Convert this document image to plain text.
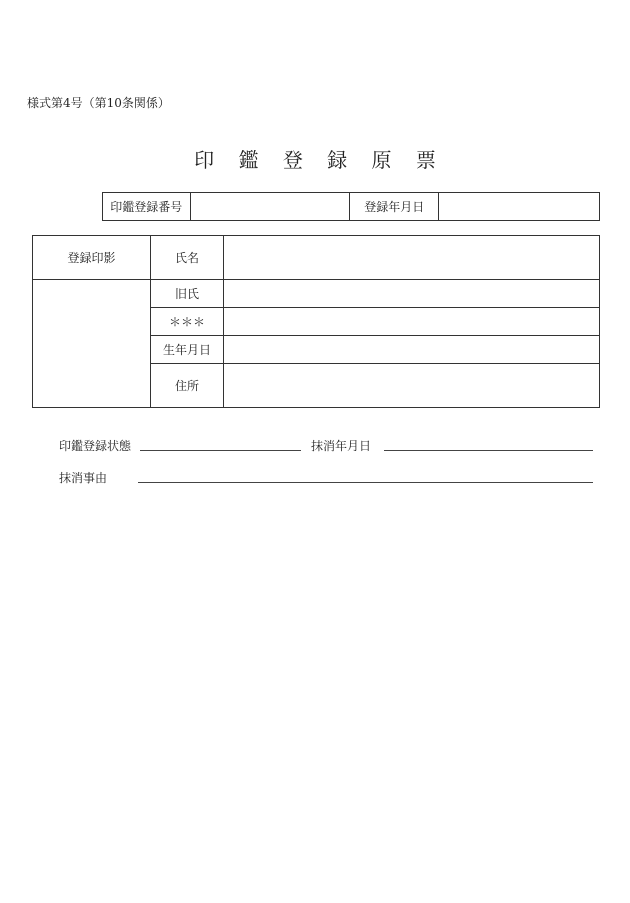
様式第4号（第10条関係）
印 鑑 登 録 原 票
印鑑登録番号		登録年月日	
登録印影	氏名	
	旧氏	
	＊＊＊	
	生年月日	
	住所	
印鑑登録状態	抹消年月日
抹消事由
